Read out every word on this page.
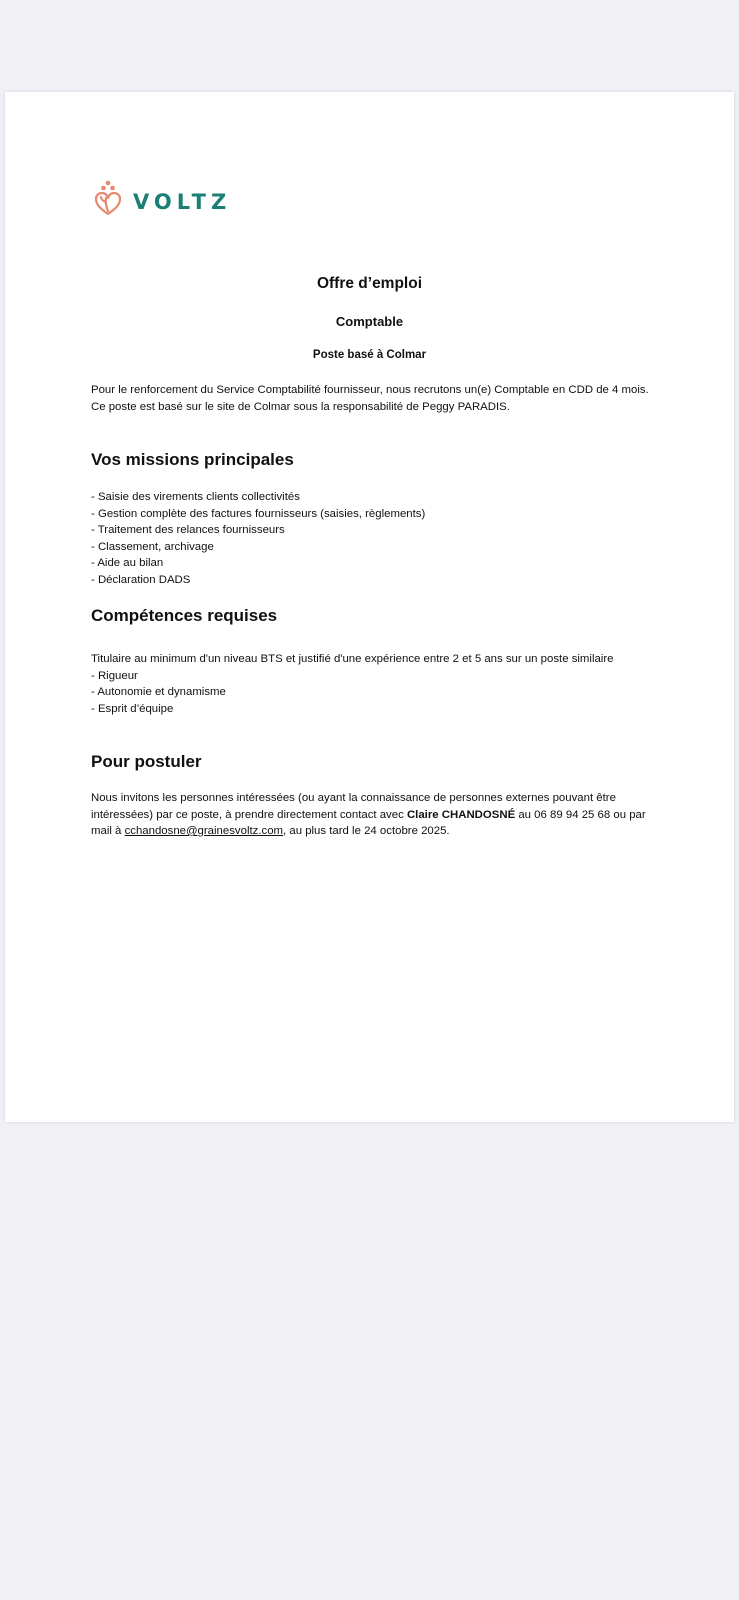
VOLTZ
Offre d’emploi
Comptable
Poste basé à Colmar

Pour le renforcement du Service Comptabilité fournisseur, nous recrutons un(e) Comptable en CDD de 4 mois. Ce poste est basé sur le site de Colmar sous la responsabilité de Peggy PARADIS.

Vos missions principales
- Saisie des virements clients collectivités
- Gestion complète des factures fournisseurs (saisies, règlements)
- Traitement des relances fournisseurs
- Classement, archivage
- Aide au bilan
- Déclaration DADS
Compétences requises
Titulaire au minimum d'un niveau BTS et justifié d'une expérience entre 2 et 5 ans sur un poste similaire
- Rigueur
- Autonomie et dynamisme
- Esprit d’équipe
Pour postuler

Nous invitons les personnes intéressées (ou ayant la connaissance de personnes externes pouvant être intéressées) par ce poste, à prendre directement contact avec Claire CHANDOSNÉ au 06 89 94 25 68 ou par mail à cchandosne@grainesvoltz.com, au plus tard le 24 octobre 2025.
